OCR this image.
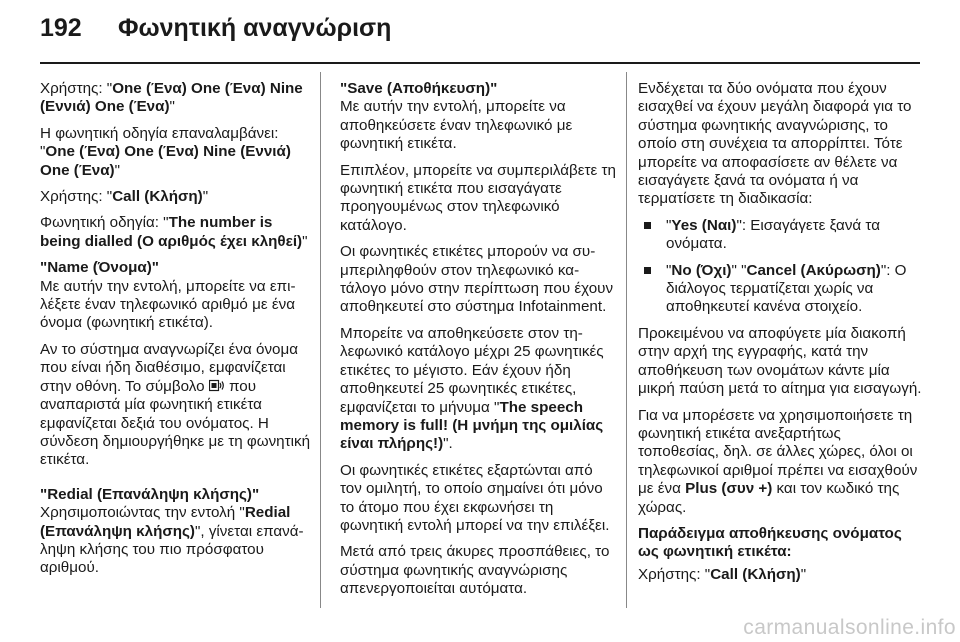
192 Φωνητική αναγνώριση

Χρήστης: "One (Ένα) One (Ένα) Nine (Εννιά) One (Ένα)"

Η φωνητική οδηγία επαναλαμβάνει: "One (Ένα) One (Ένα) Nine (Εννιά) One (Ένα)"

Χρήστης: "Call (Κλήση)"

Φωνητική οδηγία: "The number is being dialled (Ο αριθμός έχει κληθεί)"

"Name (Όνομα)"

Με αυτήν την εντολή, μπορείτε να επιλέξετε έναν τηλεφωνικό αριθμό με ένα όνομα (φωνητική ετικέτα).

Αν το σύστημα αναγνωρίζει ένα όνομα που είναι ήδη διαθέσιμο, εμφανίζεται στην οθόνη. Το σύμβολο  που αναπαριστά μία φωνητική ετικέτα εμφανίζεται δεξιά του ονόματος. Η σύνδεση δημιουργήθηκε με τη φωνητική ετικέτα.

"Redial (Επανάληψη κλήσης)"

Χρησιμοποιώντας την εντολή "Redial (Επανάληψη κλήσης)", γίνεται επανάληψη κλήσης του πιο πρόσφατου αριθμού.

"Save (Αποθήκευση)"

Με αυτήν την εντολή, μπορείτε να αποθηκεύσετε έναν τηλεφωνικό με φωνητική ετικέτα.

Επιπλέον, μπορείτε να συμπεριλάβετε τη φωνητική ετικέτα που εισαγάγατε προηγουμένως στον τηλεφωνικό κατάλογο.

Οι φωνητικές ετικέτες μπορούν να συμπεριληφθούν στον τηλεφωνικό κατάλογο μόνο στην περίπτωση που έχουν αποθηκευτεί στο σύστημα Infotainment.

Μπορείτε να αποθηκεύσετε στον τηλεφωνικό κατάλογο μέχρι 25 φωνητικές ετικέτες το μέγιστο. Εάν έχουν ήδη αποθηκευτεί 25 φωνητικές ετικέτες, εμφανίζεται το μήνυμα "The speech memory is full! (Η μνήμη της ομιλίας είναι πλήρης!)".

Οι φωνητικές ετικέτες εξαρτώνται από τον ομιλητή, το οποίο σημαίνει ότι μόνο το άτομο που έχει εκφωνήσει τη φωνητική εντολή μπορεί να την επιλέξει.

Μετά από τρεις άκυρες προσπάθειες, το σύστημα φωνητικής αναγνώρισης απενεργοποιείται αυτόματα.

Ενδέχεται τα δύο ονόματα που έχουν εισαχθεί να έχουν μεγάλη διαφορά για το σύστημα φωνητικής αναγνώρισης, το οποίο στη συνέχεια τα απορρίπτει. Τότε μπορείτε να αποφασίσετε αν θέλετε να εισαγάγετε ξανά τα ονόματα ή να τερματίσετε τη διαδικασία:

"Yes (Ναι)": Εισαγάγετε ξανά τα ονόματα.
"No (Όχι)" "Cancel (Ακύρωση)": Ο διάλογος τερματίζεται χωρίς να αποθηκευτεί κανένα στοιχείο.

Προκειμένου να αποφύγετε μία διακοπή στην αρχή της εγγραφής, κατά την αποθήκευση των ονομάτων κάντε μία μικρή παύση μετά το αίτημα για εισαγωγή.

Για να μπορέσετε να χρησιμοποιήσετε τη φωνητική ετικέτα ανεξαρτήτως τοποθεσίας, δηλ. σε άλλες χώρες, όλοι οι τηλεφωνικοί αριθμοί πρέπει να εισαχθούν με ένα Plus (συν +) και τον κωδικό της χώρας.

Παράδειγμα αποθήκευσης ονόματος ως φωνητική ετικέτα:

Χρήστης: "Call (Κλήση)"

carmanualsonline.info
